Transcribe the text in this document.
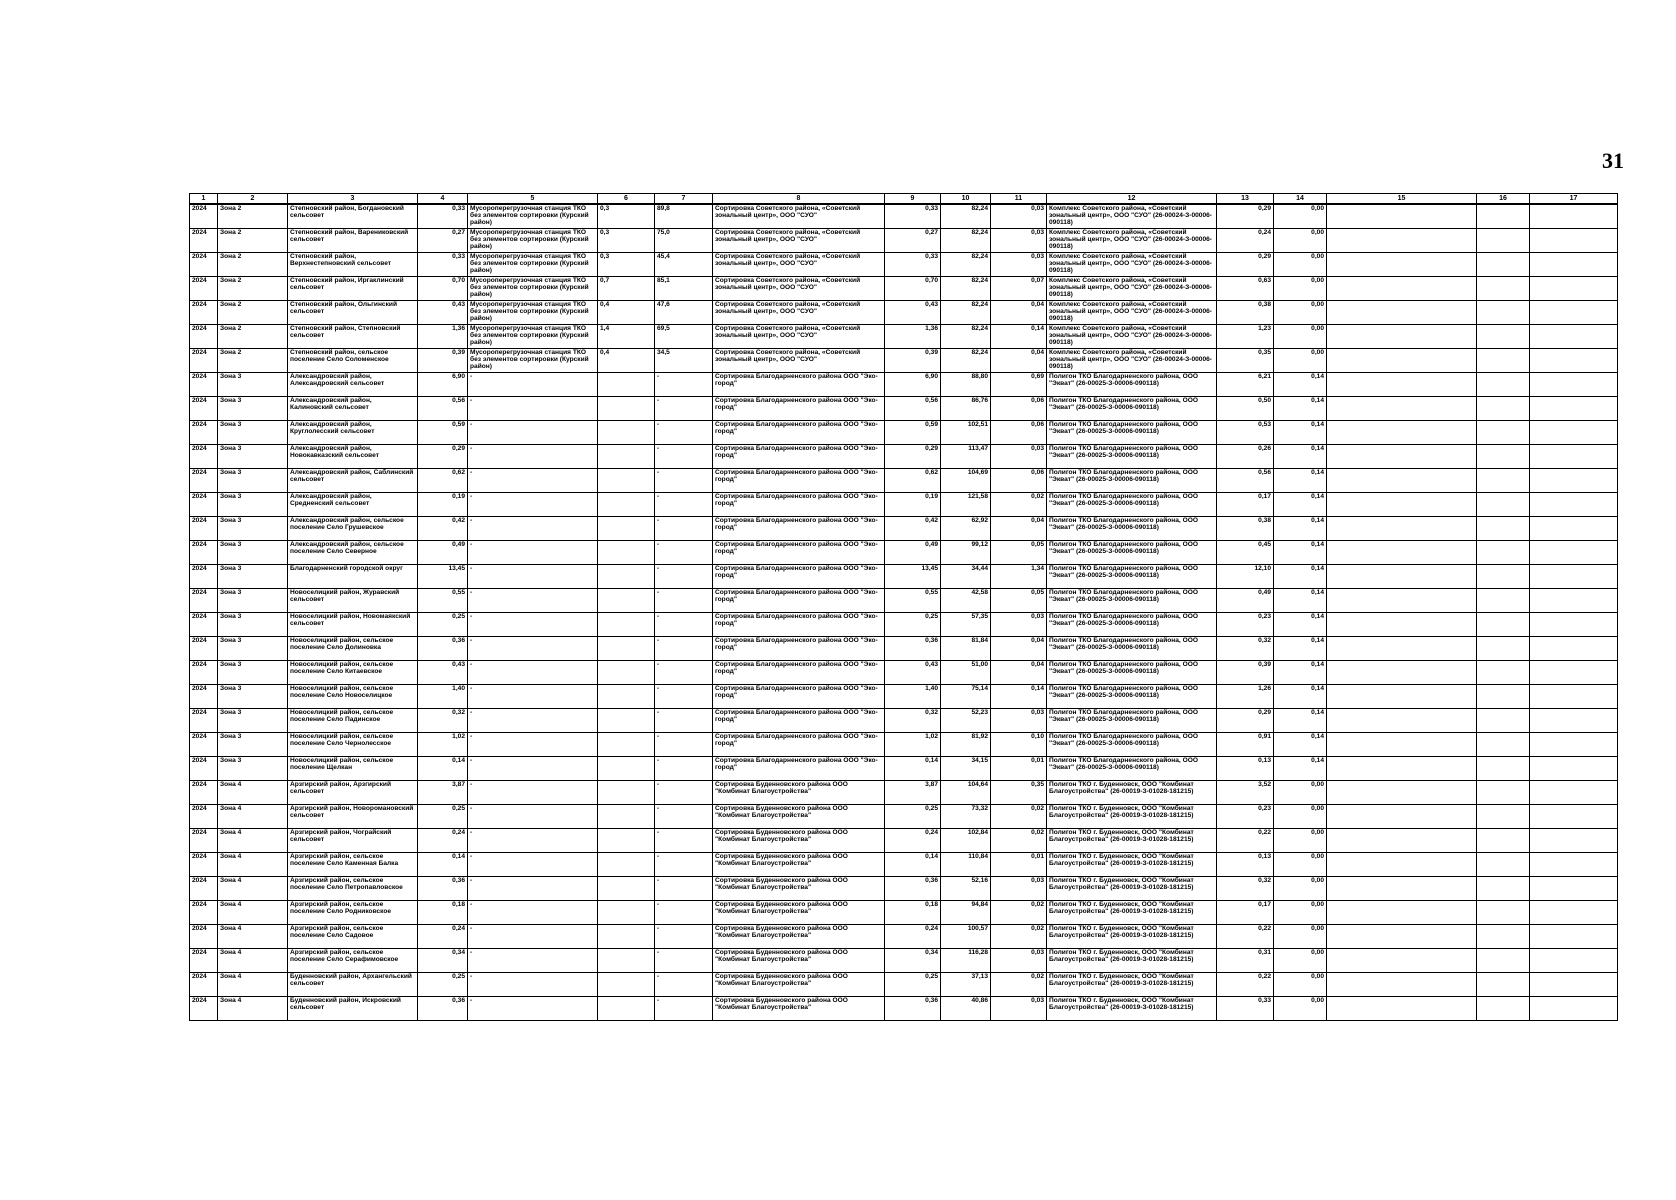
31
1	2	3	4	5	6	7	8	9	10	11	12	13	14	15	16	17
2024	Зона 2	Степновский район, Богдановский сельсовет	0,33	Мусороперегрузочная станция ТКО без элементов сортировки (Курский район)	0,3	89,8	Сортировка Советского района, «Советский зональный центр», ООО "СУО"	0,33	82,24	0,03	Комплекс Советского района, «Советский зональный центр», ООО "СУО" (26-00024-З-00006-090118)	0,29	0,00			
2024	Зона 2	Степновский район, Варениковский сельсовет	0,27	Мусороперегрузочная станция ТКО без элементов сортировки (Курский район)	0,3	75,0	Сортировка Советского района, «Советский зональный центр», ООО "СУО"	0,27	82,24	0,03	Комплекс Советского района, «Советский зональный центр», ООО "СУО" (26-00024-З-00006-090118)	0,24	0,00			
2024	Зона 2	Степновский район, Верхнестепновский сельсовет	0,33	Мусороперегрузочная станция ТКО без элементов сортировки (Курский район)	0,3	45,4	Сортировка Советского района, «Советский зональный центр», ООО "СУО"	0,33	82,24	0,03	Комплекс Советского района, «Советский зональный центр», ООО "СУО" (26-00024-З-00006-090118)	0,29	0,00			
2024	Зона 2	Степновский район, Иргаклинский сельсовет	0,70	Мусороперегрузочная станция ТКО без элементов сортировки (Курский район)	0,7	85,1	Сортировка Советского района, «Советский зональный центр», ООО "СУО"	0,70	82,24	0,07	Комплекс Советского района, «Советский зональный центр», ООО "СУО" (26-00024-З-00006-090118)	0,63	0,00			
2024	Зона 2	Степновский район, Ольгинский сельсовет	0,43	Мусороперегрузочная станция ТКО без элементов сортировки (Курский район)	0,4	47,6	Сортировка Советского района, «Советский зональный центр», ООО "СУО"	0,43	82,24	0,04	Комплекс Советского района, «Советский зональный центр», ООО "СУО" (26-00024-З-00006-090118)	0,38	0,00			
2024	Зона 2	Степновский район, Степновский сельсовет	1,36	Мусороперегрузочная станция ТКО без элементов сортировки (Курский район)	1,4	69,5	Сортировка Советского района, «Советский зональный центр», ООО "СУО"	1,36	82,24	0,14	Комплекс Советского района, «Советский зональный центр», ООО "СУО" (26-00024-З-00006-090118)	1,23	0,00			
2024	Зона 2	Степновский район, сельское поселение Село Соломенское	0,39	Мусороперегрузочная станция ТКО без элементов сортировки (Курский район)	0,4	34,5	Сортировка Советского района, «Советский зональный центр», ООО "СУО"	0,39	82,24	0,04	Комплекс Советского района, «Советский зональный центр», ООО "СУО" (26-00024-З-00006-090118)	0,35	0,00			
2024	Зона 3	Александровский район, Александровский сельсовет	6,90	-		-	Сортировка Благодарненского района ООО "Эко-город"	6,90	88,80	0,69	Полигон ТКО Благодарненского района, ООО "Экват" (26-00025-З-00006-090118)	6,21	0,14			
2024	Зона 3	Александровский район, Калиновский сельсовет	0,56	-		-	Сортировка Благодарненского района ООО "Эко-город"	0,56	86,76	0,06	Полигон ТКО Благодарненского района, ООО "Экват" (26-00025-З-00006-090118)	0,50	0,14			
2024	Зона 3	Александровский район, Круглолесский сельсовет	0,59	-		-	Сортировка Благодарненского района ООО "Эко-город"	0,59	102,51	0,06	Полигон ТКО Благодарненского района, ООО "Экват" (26-00025-З-00006-090118)	0,53	0,14			
2024	Зона 3	Александровский район, Новокавказский сельсовет	0,29	-		-	Сортировка Благодарненского района ООО "Эко-город"	0,29	113,47	0,03	Полигон ТКО Благодарненского района, ООО "Экват" (26-00025-З-00006-090118)	0,26	0,14			
2024	Зона 3	Александровский район, Саблинский сельсовет	0,62	-		-	Сортировка Благодарненского района ООО "Эко-город"	0,62	104,69	0,06	Полигон ТКО Благодарненского района, ООО "Экват" (26-00025-З-00006-090118)	0,56	0,14			
2024	Зона 3	Александровский район, Средненский сельсовет	0,19	-		-	Сортировка Благодарненского района ООО "Эко-город"	0,19	121,58	0,02	Полигон ТКО Благодарненского района, ООО "Экват" (26-00025-З-00006-090118)	0,17	0,14			
2024	Зона 3	Александровский район, сельское поселение Село Грушевское	0,42	-		-	Сортировка Благодарненского района ООО "Эко-город"	0,42	62,92	0,04	Полигон ТКО Благодарненского района, ООО "Экват" (26-00025-З-00006-090118)	0,38	0,14			
2024	Зона 3	Александровский район, сельское поселение Село Северное	0,49	-		-	Сортировка Благодарненского района ООО "Эко-город"	0,49	99,12	0,05	Полигон ТКО Благодарненского района, ООО "Экват" (26-00025-З-00006-090118)	0,45	0,14			
2024	Зона 3	Благодарненский городской округ	13,45	-		-	Сортировка Благодарненского района ООО "Эко-город"	13,45	34,44	1,34	Полигон ТКО Благодарненского района, ООО "Экват" (26-00025-З-00006-090118)	12,10	0,14			
2024	Зона 3	Новоселицкий район, Журавский сельсовет	0,55	-		-	Сортировка Благодарненского района ООО "Эко-город"	0,55	42,58	0,05	Полигон ТКО Благодарненского района, ООО "Экват" (26-00025-З-00006-090118)	0,49	0,14			
2024	Зона 3	Новоселицкий район, Новомаякский сельсовет	0,25	-		-	Сортировка Благодарненского района ООО "Эко-город"	0,25	57,35	0,03	Полигон ТКО Благодарненского района, ООО "Экват" (26-00025-З-00006-090118)	0,23	0,14			
2024	Зона 3	Новоселицкий район, сельское поселение Село Долиновка	0,36	-		-	Сортировка Благодарненского района ООО "Эко-город"	0,36	81,84	0,04	Полигон ТКО Благодарненского района, ООО "Экват" (26-00025-З-00006-090118)	0,32	0,14			
2024	Зона 3	Новоселицкий район, сельское поселение Село Китаевское	0,43	-		-	Сортировка Благодарненского района ООО "Эко-город"	0,43	51,00	0,04	Полигон ТКО Благодарненского района, ООО "Экват" (26-00025-З-00006-090118)	0,39	0,14			
2024	Зона 3	Новоселицкий район, сельское поселение Село Новоселицкое	1,40	-		-	Сортировка Благодарненского района ООО "Эко-город"	1,40	75,14	0,14	Полигон ТКО Благодарненского района, ООО "Экват" (26-00025-З-00006-090118)	1,26	0,14			
2024	Зона 3	Новоселицкий район, сельское поселение Село Падинское	0,32	-		-	Сортировка Благодарненского района ООО "Эко-город"	0,32	52,23	0,03	Полигон ТКО Благодарненского района, ООО "Экват" (26-00025-З-00006-090118)	0,29	0,14			
2024	Зона 3	Новоселицкий район, сельское поселение Село Чернолесское	1,02	-		-	Сортировка Благодарненского района ООО "Эко-город"	1,02	81,92	0,10	Полигон ТКО Благодарненского района, ООО "Экват" (26-00025-З-00006-090118)	0,91	0,14			
2024	Зона 3	Новоселицкий район, сельское поселение Щелкан	0,14	-		-	Сортировка Благодарненского района ООО "Эко-город"	0,14	34,15	0,01	Полигон ТКО Благодарненского района, ООО "Экват" (26-00025-З-00006-090118)	0,13	0,14			
2024	Зона 4	Арзгирский район, Арзгирский сельсовет	3,87	-		-	Сортировка Буденновского района ООО "Комбинат Благоустройства"	3,87	104,64	0,35	Полигон ТКО г. Буденновск, ООО "Комбинат Благоустройства" (26-00019-З-01028-181215)	3,52	0,00			
2024	Зона 4	Арзгирский район, Новоромановский сельсовет	0,25	-		-	Сортировка Буденновского района ООО "Комбинат Благоустройства"	0,25	73,32	0,02	Полигон ТКО г. Буденновск, ООО "Комбинат Благоустройства" (26-00019-З-01028-181215)	0,23	0,00			
2024	Зона 4	Арзгирский район, Чограйский сельсовет	0,24	-		-	Сортировка Буденновского района ООО "Комбинат Благоустройства"	0,24	102,84	0,02	Полигон ТКО г. Буденновск, ООО "Комбинат Благоустройства" (26-00019-З-01028-181215)	0,22	0,00			
2024	Зона 4	Арзгирский район, сельское поселение Село Каменная Балка	0,14	-		-	Сортировка Буденновского района ООО "Комбинат Благоустройства"	0,14	110,84	0,01	Полигон ТКО г. Буденновск, ООО "Комбинат Благоустройства" (26-00019-З-01028-181215)	0,13	0,00			
2024	Зона 4	Арзгирский район, сельское поселение Село Петропавловское	0,36	-		-	Сортировка Буденновского района ООО "Комбинат Благоустройства"	0,36	52,16	0,03	Полигон ТКО г. Буденновск, ООО "Комбинат Благоустройства" (26-00019-З-01028-181215)	0,32	0,00			
2024	Зона 4	Арзгирский район, сельское поселение Село Родниковское	0,18	-		-	Сортировка Буденновского района ООО "Комбинат Благоустройства"	0,18	94,84	0,02	Полигон ТКО г. Буденновск, ООО "Комбинат Благоустройства" (26-00019-З-01028-181215)	0,17	0,00			
2024	Зона 4	Арзгирский район, сельское поселение Село Садовое	0,24	-		-	Сортировка Буденновского района ООО "Комбинат Благоустройства"	0,24	100,57	0,02	Полигон ТКО г. Буденновск, ООО "Комбинат Благоустройства" (26-00019-З-01028-181215)	0,22	0,00			
2024	Зона 4	Арзгирский район, сельское поселение Село Серафимовское	0,34	-		-	Сортировка Буденновского района ООО "Комбинат Благоустройства"	0,34	116,28	0,03	Полигон ТКО г. Буденновск, ООО "Комбинат Благоустройства" (26-00019-З-01028-181215)	0,31	0,00			
2024	Зона 4	Буденновский район, Архангельский сельсовет	0,25	-		-	Сортировка Буденновского района ООО "Комбинат Благоустройства"	0,25	37,13	0,02	Полигон ТКО г. Буденновск, ООО "Комбинат Благоустройства" (26-00019-З-01028-181215)	0,22	0,00			
2024	Зона 4	Буденновский район, Искровский сельсовет	0,36	-		-	Сортировка Буденновского района ООО "Комбинат Благоустройства"	0,36	40,86	0,03	Полигон ТКО г. Буденновск, ООО "Комбинат Благоустройства" (26-00019-З-01028-181215)	0,33	0,00			
